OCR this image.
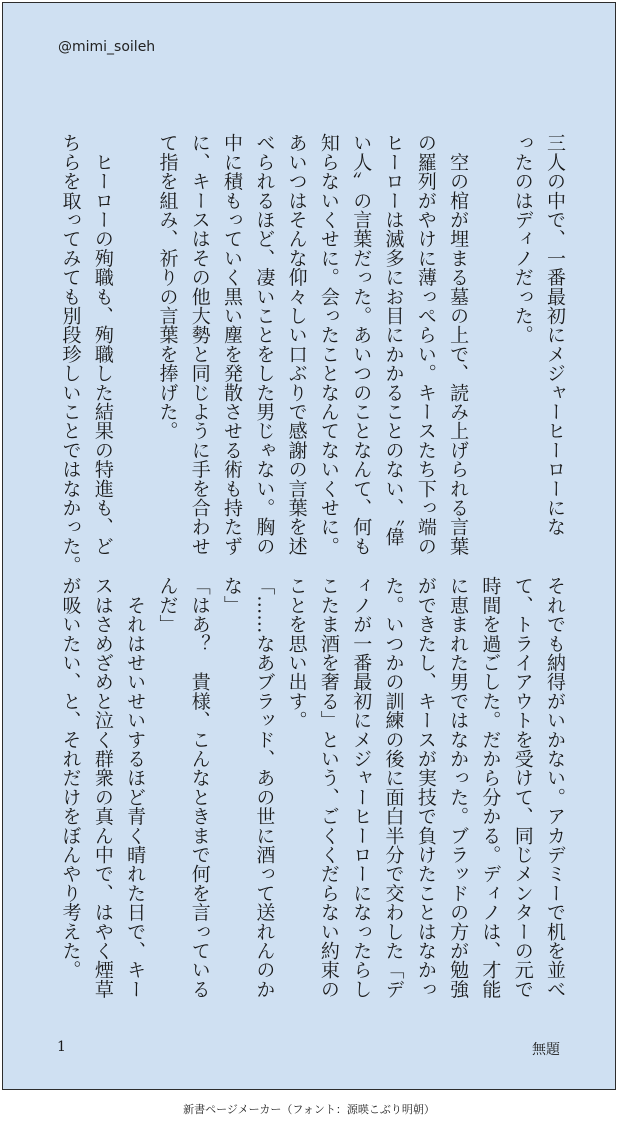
@mimi_soileh
三人の中で、一番最初にメジャーヒーローにな
ったのはディノだった。

　空の棺が埋まる墓の上で、読み上げられる言葉
の羅列がやけに薄っぺらい。キースたち下っ端の
ヒーローは滅多にお目にかかることのない、〝偉
い人〟の言葉だった。あいつのことなんて、何も
知らないくせに。会ったことなんてないくせに。
あいつはそんな仰々しい口ぶりで感謝の言葉を述
べられるほど、凄いことをした男じゃない。胸の
中に積もっていく黒い塵を発散させる術も持たず
に、キースはその他大勢と同じように手を合わせ
て指を組み、祈りの言葉を捧げた。

　ヒーローの殉職も、殉職した結果の特進も、ど
ちらを取ってみても別段珍しいことではなかった。
それでも納得がいかない。アカデミーで机を並べ
て、トライアウトを受けて、同じメンターの元で
時間を過ごした。だから分かる。ディノは、才能
に恵まれた男ではなかった。ブラッドの方が勉強
ができたし、キースが実技で負けたことはなかっ
た。いつかの訓練の後に面白半分で交わした「デ
ィノが一番最初にメジャーヒーローになったらし
こたま酒を奢る」という、ごくくだらない約束の
ことを思い出す。
「……なあブラッド、あの世に酒って送れんのか
な」
「はあ？　貴様、こんなときまで何を言っている
んだ」
　それはせいせいするほど青く晴れた日で、キー
スはさめざめと泣く群衆の真ん中で、はやく煙草
が吸いたい、と、それだけをぼんやり考えた。
1	無題
新書ページメーカー（フォント：源暎こぶり明朝）
